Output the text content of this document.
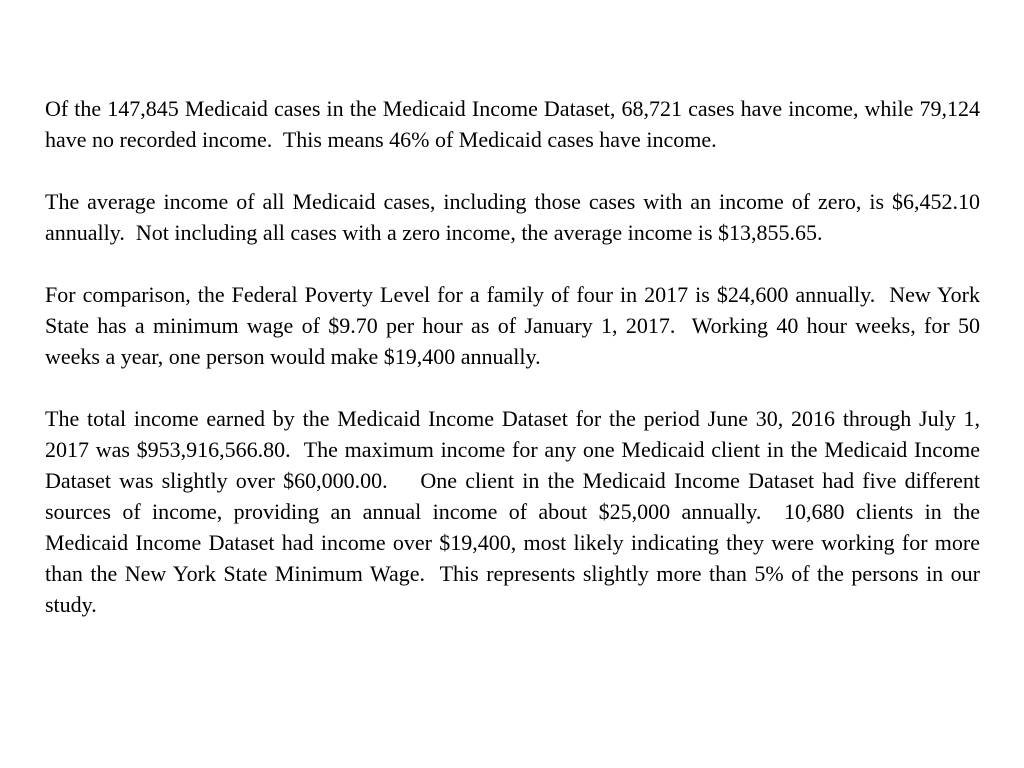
Of the 147,845 Medicaid cases in the Medicaid Income Dataset, 68,721 cases have income, while 79,124 have no recorded income.  This means 46% of Medicaid cases have income.

The average income of all Medicaid cases, including those cases with an income of zero, is $6,452.10 annually.  Not including all cases with a zero income, the average income is $13,855.65.

For comparison, the Federal Poverty Level for a family of four in 2017 is $24,600 annually.  New York State has a minimum wage of $9.70 per hour as of January 1, 2017.  Working 40 hour weeks, for 50 weeks a year, one person would make $19,400 annually.

The total income earned by the Medicaid Income Dataset for the period June 30, 2016 through July 1, 2017 was $953,916,566.80.  The maximum income for any one Medicaid client in the Medicaid Income Dataset was slightly over $60,000.00.    One client in the Medicaid Income Dataset had five different sources of income, providing an annual income of about $25,000 annually.  10,680 clients in the Medicaid Income Dataset had income over $19,400, most likely indicating they were working for more than the New York State Minimum Wage.  This represents slightly more than 5% of the persons in our study.
